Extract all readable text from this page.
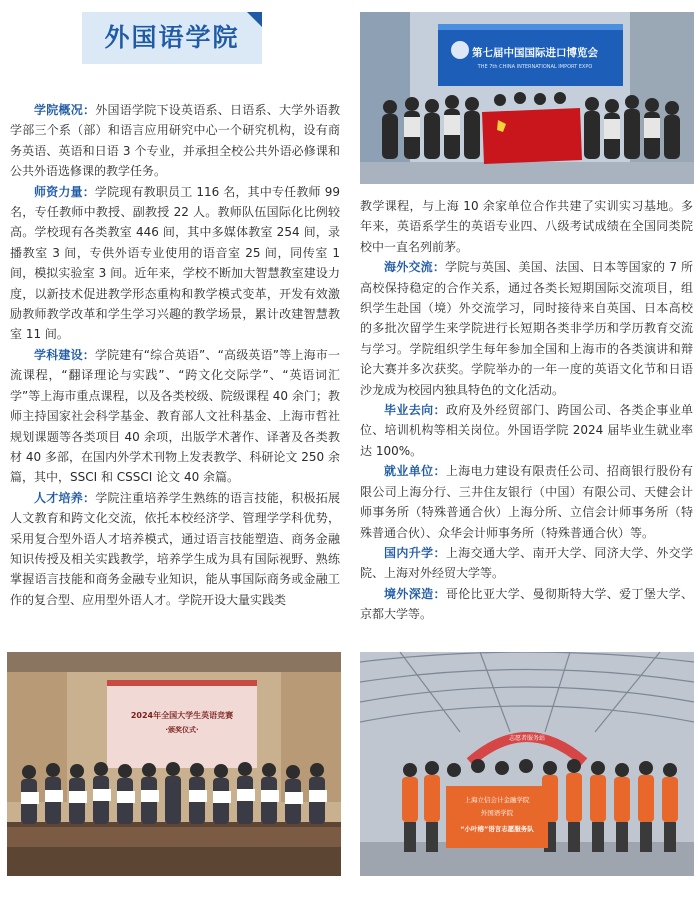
外国语学院

学院概况：外国语学院下设英语系、日语系、大学外语教学部三个系（部）和语言应用研究中心一个研究机构，设有商务英语、英语和日语 3 个专业，并承担全校公共外语必修课和公共外语选修课的教学任务。

师资力量：学院现有教职员工 116 名，其中专任教师 99 名，专任教师中教授、副教授 22 人。教师队伍国际化比例较高。学校现有各类教室 446 间，其中多媒体教室 254 间，录播教室 3 间，专供外语专业使用的语音室 25 间，同传室 1 间，模拟实验室 3 间。近年来，学校不断加大智慧教室建设力度，以新技术促进教学形态重构和教学模式变革，开发有效激励教师教学改革和学生学习兴趣的教学场景，累计改建智慧教室 11 间。

学科建设：学院建有“综合英语”、“高级英语”等上海市一流课程，“翻译理论与实践”、“跨文化交际学”、“英语词汇学”等上海市重点课程，以及各类校级、院级课程 40 余门；教师主持国家社会科学基金、教育部人文社科基金、上海市哲社规划课题等各类项目 40 余项，出版学术著作、译著及各类教材 40 多部，在国内外学术刊物上发表教学、科研论文 250 余篇，其中，SSCI 和 CSSCI 论文 40 余篇。

人才培养：学院注重培养学生熟练的语言技能，积极拓展人文教育和跨文化交流，依托本校经济学、管理学学科优势，采用复合型外语人才培养模式，通过语言技能塑造、商务金融知识传授及相关实践教学，培养学生成为具有国际视野、熟练掌握语言技能和商务金融专业知识，能从事国际商务或金融工作的复合型、应用型外语人才。学院开设大量实践类

教学课程，与上海 10 余家单位合作共建了实训实习基地。多年来，英语系学生的英语专业四、八级考试成绩在全国同类院校中一直名列前茅。

海外交流：学院与英国、美国、法国、日本等国家的 7 所高校保持稳定的合作关系，通过各类长短期国际交流项目，组织学生赴国（境）外交流学习，同时接待来自英国、日本高校的多批次留学生来学院进行长短期各类非学历和学历教育交流与学习。学院组织学生每年参加全国和上海市的各类演讲和辩论大赛并多次获奖。学院举办的一年一度的英语文化节和日语沙龙成为校园内独具特色的文化活动。

毕业去向：政府及外经贸部门、跨国公司、各类企事业单位、培训机构等相关岗位。外国语学院 2024 届毕业生就业率达 100%。

就业单位：上海电力建设有限责任公司、招商银行股份有限公司上海分行、三井住友银行（中国）有限公司、天健会计师事务所（特殊普通合伙）上海分所、立信会计师事务所（特殊普通合伙）、众华会计师事务所（特殊普通合伙）等。

国内升学：上海交通大学、南开大学、同济大学、外交学院、上海对外经贸大学等。

境外深造：哥伦比亚大学、曼彻斯特大学、爱丁堡大学、京都大学等。

第七届中国国际进口博览会
THE 7th CHINA INTERNATIONAL IMPORT EXPO
2024年全国大学生英语竞赛
·颁奖仪式·
志愿者服务站
上海立信会计金融学院
外国语学院
“小叶榕”语言志愿服务队
